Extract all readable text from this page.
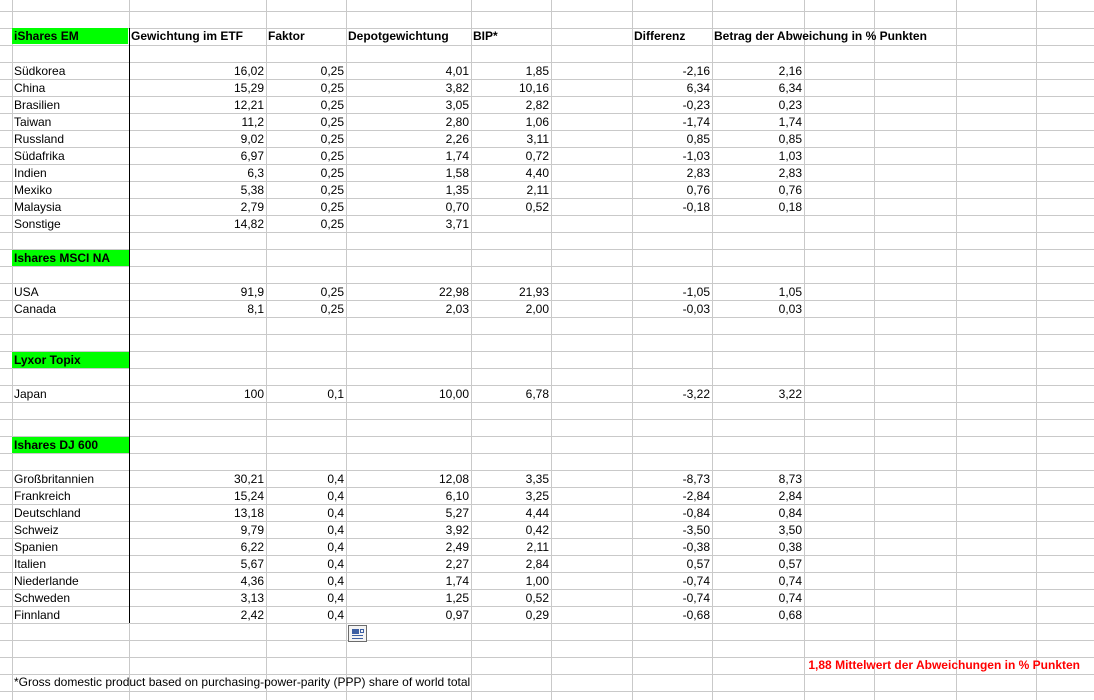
iShares EM	Gewichtung im ETF	Faktor	Depotgewichtung	BIP*	Differenz	Betrag der Abweichung in % Punkten
Südkorea	16,02	0,25	4,01	1,85	-2,16	2,16
China	15,29	0,25	3,82	10,16	6,34	6,34
Brasilien	12,21	0,25	3,05	2,82	-0,23	0,23
Taiwan	11,2	0,25	2,80	1,06	-1,74	1,74
Russland	9,02	0,25	2,26	3,11	0,85	0,85
Südafrika	6,97	0,25	1,74	0,72	-1,03	1,03
Indien	6,3	0,25	1,58	4,40	2,83	2,83
Mexiko	5,38	0,25	1,35	2,11	0,76	0,76
Malaysia	2,79	0,25	0,70	0,52	-0,18	0,18
Sonstige	14,82	0,25	3,71
Ishares MSCI NA
USA	91,9	0,25	22,98	21,93	-1,05	1,05
Canada	8,1	0,25	2,03	2,00	-0,03	0,03
Lyxor Topix
Japan	100	0,1	10,00	6,78	-3,22	3,22
Ishares DJ 600
Großbritannien	30,21	0,4	12,08	3,35	-8,73	8,73
Frankreich	15,24	0,4	6,10	3,25	-2,84	2,84
Deutschland	13,18	0,4	5,27	4,44	-0,84	0,84
Schweiz	9,79	0,4	3,92	0,42	-3,50	3,50
Spanien	6,22	0,4	2,49	2,11	-0,38	0,38
Italien	5,67	0,4	2,27	2,84	0,57	0,57
Niederlande	4,36	0,4	1,74	1,00	-0,74	0,74
Schweden	3,13	0,4	1,25	0,52	-0,74	0,74
Finnland	2,42	0,4	0,97	0,29	-0,68	0,68
1,88 Mittelwert der Abweichungen in % Punkten
*Gross domestic product based on purchasing-power-parity (PPP) share of world total
